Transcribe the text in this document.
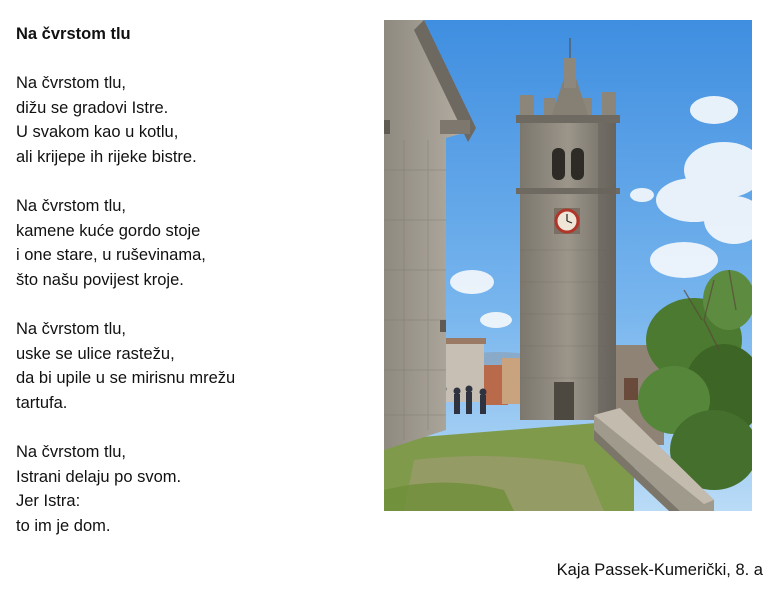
Na čvrstom tlu
Na čvrstom tlu,
dižu se gradovi Istre.
U svakom kao u kotlu,
ali krijepe ih rijeke bistre.
Na čvrstom tlu,
kamene kuće gordo stoje
i one stare, u ruševinama,
što našu povijest kroje.
Na čvrstom tlu,
uske se ulice rastežu,
da bi upile u se mirisnu mrežu
tartufa.
Na čvrstom tlu,
Istrani delaju po svom.
Jer Istra:
to im je dom.
Kaja Passek-Kumerički, 8. a
